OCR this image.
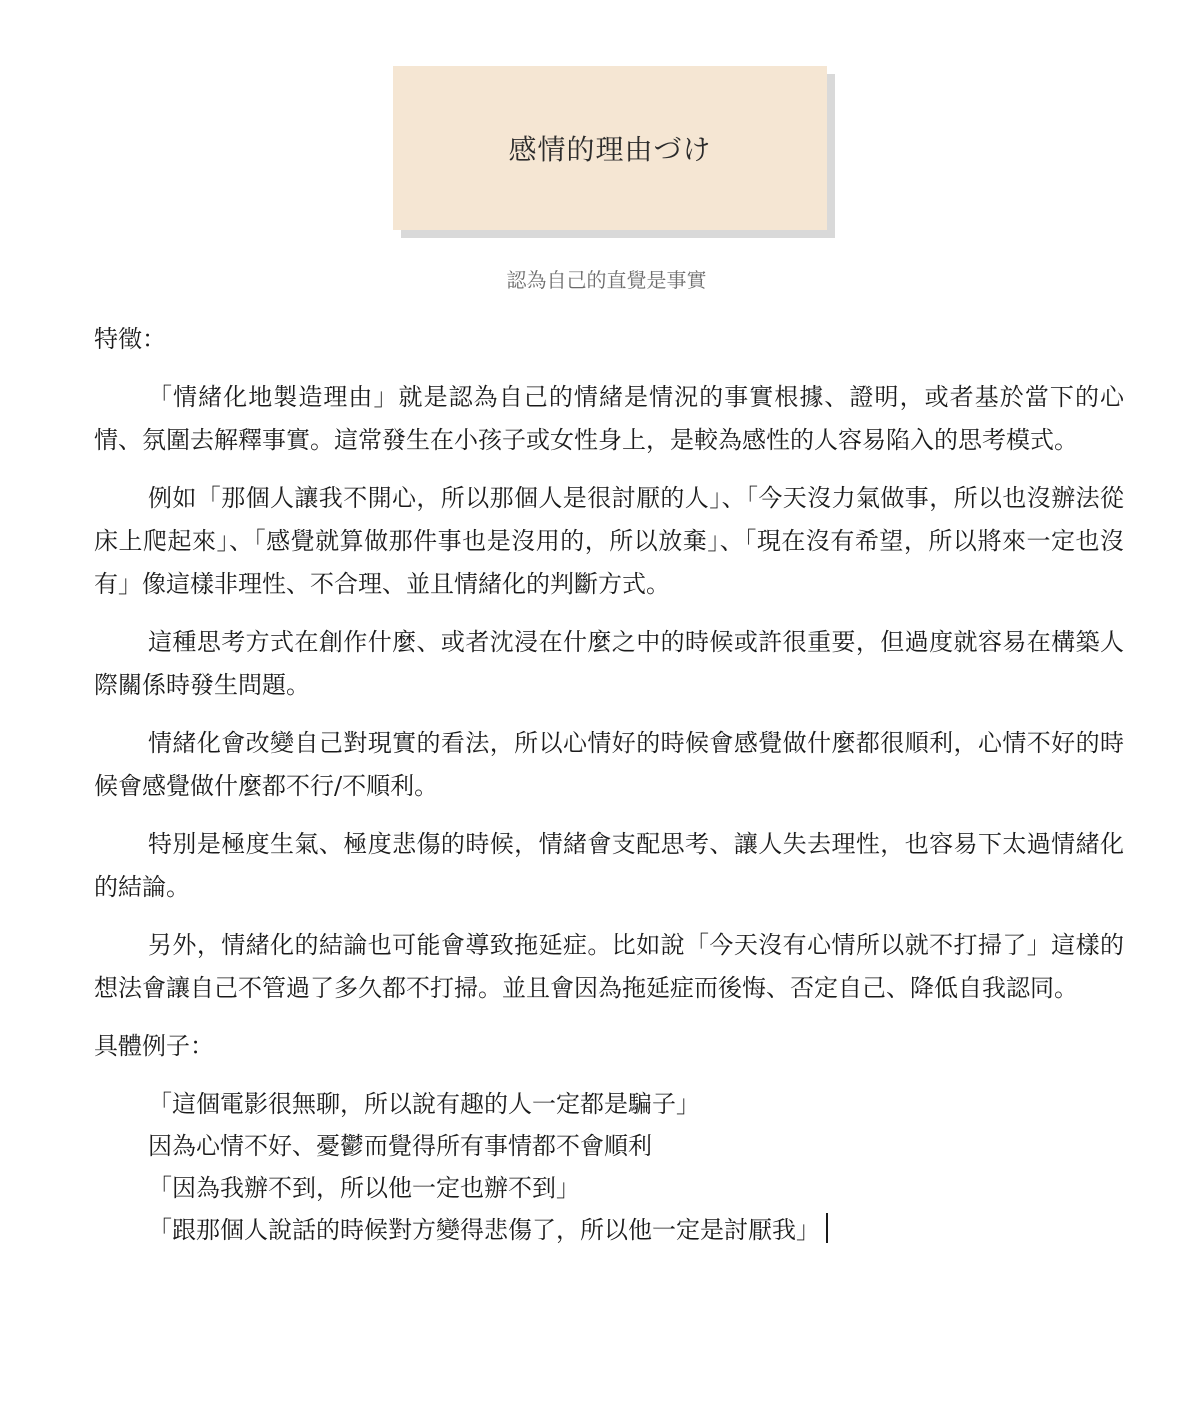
感情的理由づけ
認為自己的直覺是事實

特徵：

「情緒化地製造理由」就是認為自己的情緒是情況的事實根據、證明，或者基於當下的心情、氛圍去解釋事實。這常發生在小孩子或女性身上，是較為感性的人容易陷入的思考模式。

例如「那個人讓我不開心，所以那個人是很討厭的人」、「今天沒力氣做事，所以也沒辦法從床上爬起來」、「感覺就算做那件事也是沒用的，所以放棄」、「現在沒有希望，所以將來一定也沒有」像這樣非理性、不合理、並且情緒化的判斷方式。

這種思考方式在創作什麼、或者沈浸在什麼之中的時候或許很重要，但過度就容易在構築人際關係時發生問題。

情緒化會改變自己對現實的看法，所以心情好的時候會感覺做什麼都很順利，心情不好的時候會感覺做什麼都不行/不順利。

特別是極度生氣、極度悲傷的時候，情緒會支配思考、讓人失去理性，也容易下太過情緒化的結論。

另外，情緒化的結論也可能會導致拖延症。比如說「今天沒有心情所以就不打掃了」這樣的想法會讓自己不管過了多久都不打掃。並且會因為拖延症而後悔、否定自己、降低自我認同。

具體例子：

「這個電影很無聊，所以說有趣的人一定都是騙子」
因為心情不好、憂鬱而覺得所有事情都不會順利
「因為我辦不到，所以他一定也辦不到」
「跟那個人說話的時候對方變得悲傷了，所以他一定是討厭我」
